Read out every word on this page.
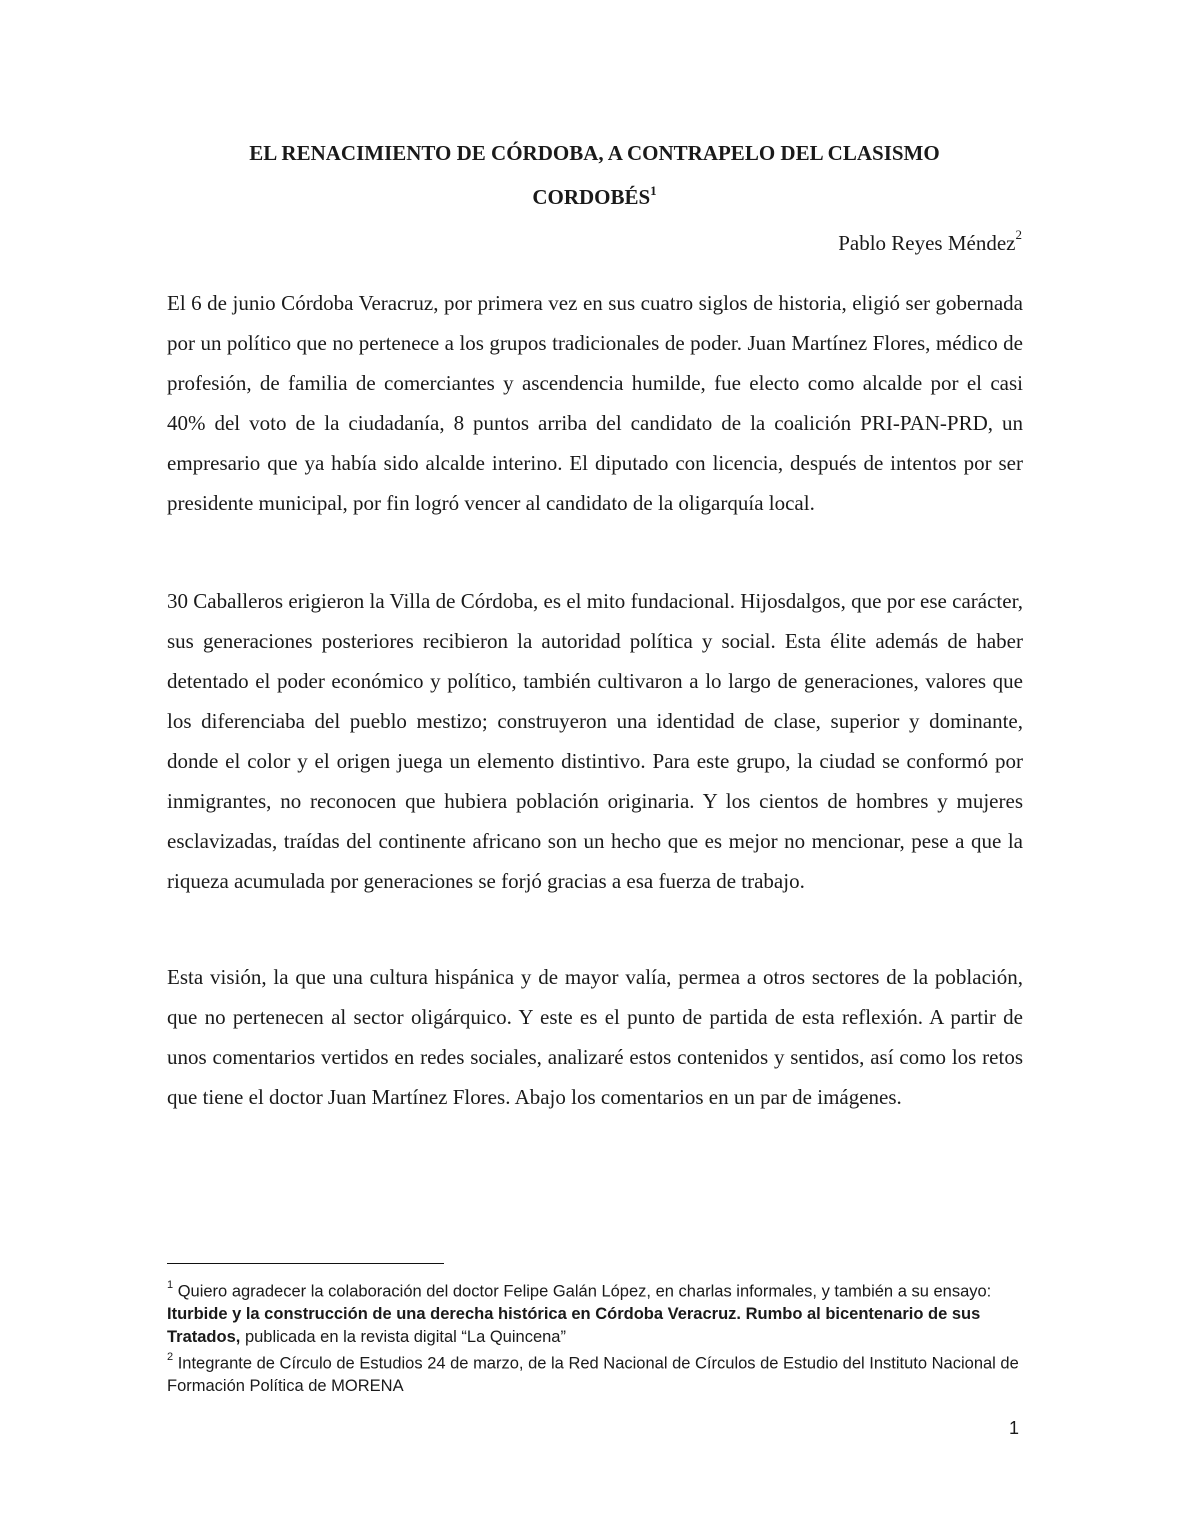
EL RENACIMIENTO DE CÓRDOBA, A CONTRAPELO DEL CLASISMO
CORDOBÉS$^1$
Pablo Reyes Méndez$^2$

El 6 de junio Córdoba Veracruz, por primera vez en sus cuatro siglos de historia, eligió ser gobernada por un político que no pertenece a los grupos tradicionales de poder. Juan Martínez Flores, médico de profesión, de familia de comerciantes y ascendencia humilde, fue electo como alcalde por el casi 40% del voto de la ciudadanía, 8 puntos arriba del candidato de la coalición PRI-PAN-PRD, un empresario que ya había sido alcalde interino. El diputado con licencia, después de intentos por ser presidente municipal, por fin logró vencer al candidato de la oligarquía local.

30 Caballeros erigieron la Villa de Córdoba, es el mito fundacional. Hijosdalgos, que por ese carácter, sus generaciones posteriores recibieron la autoridad política y social. Esta élite además de haber detentado el poder económico y político, también cultivaron a lo largo de generaciones, valores que los diferenciaba del pueblo mestizo; construyeron una identidad de clase, superior y dominante, donde el color y el origen juega un elemento distintivo. Para este grupo, la ciudad se conformó por inmigrantes, no reconocen que hubiera población originaria. Y los cientos de hombres y mujeres esclavizadas, traídas del continente africano son un hecho que es mejor no mencionar, pese a que la riqueza acumulada por generaciones se forjó gracias a esa fuerza de trabajo.

Esta visión, la que una cultura hispánica y de mayor valía, permea a otros sectores de la población, que no pertenecen al sector oligárquico. Y este es el punto de partida de esta reflexión. A partir de unos comentarios vertidos en redes sociales, analizaré estos contenidos y sentidos, así como los retos que tiene el doctor Juan Martínez Flores. Abajo los comentarios en un par de imágenes.

$^1$ Quiero agradecer la colaboración del doctor Felipe Galán López, en charlas informales, y también a su ensayo: Iturbide y la construcción de una derecha histórica en Córdoba Veracruz. Rumbo al bicentenario de sus Tratados, publicada en la revista digital “La Quincena”

$^2$ Integrante de Círculo de Estudios 24 de marzo, de la Red Nacional de Círculos de Estudio del Instituto Nacional de Formación Política de MORENA

1
